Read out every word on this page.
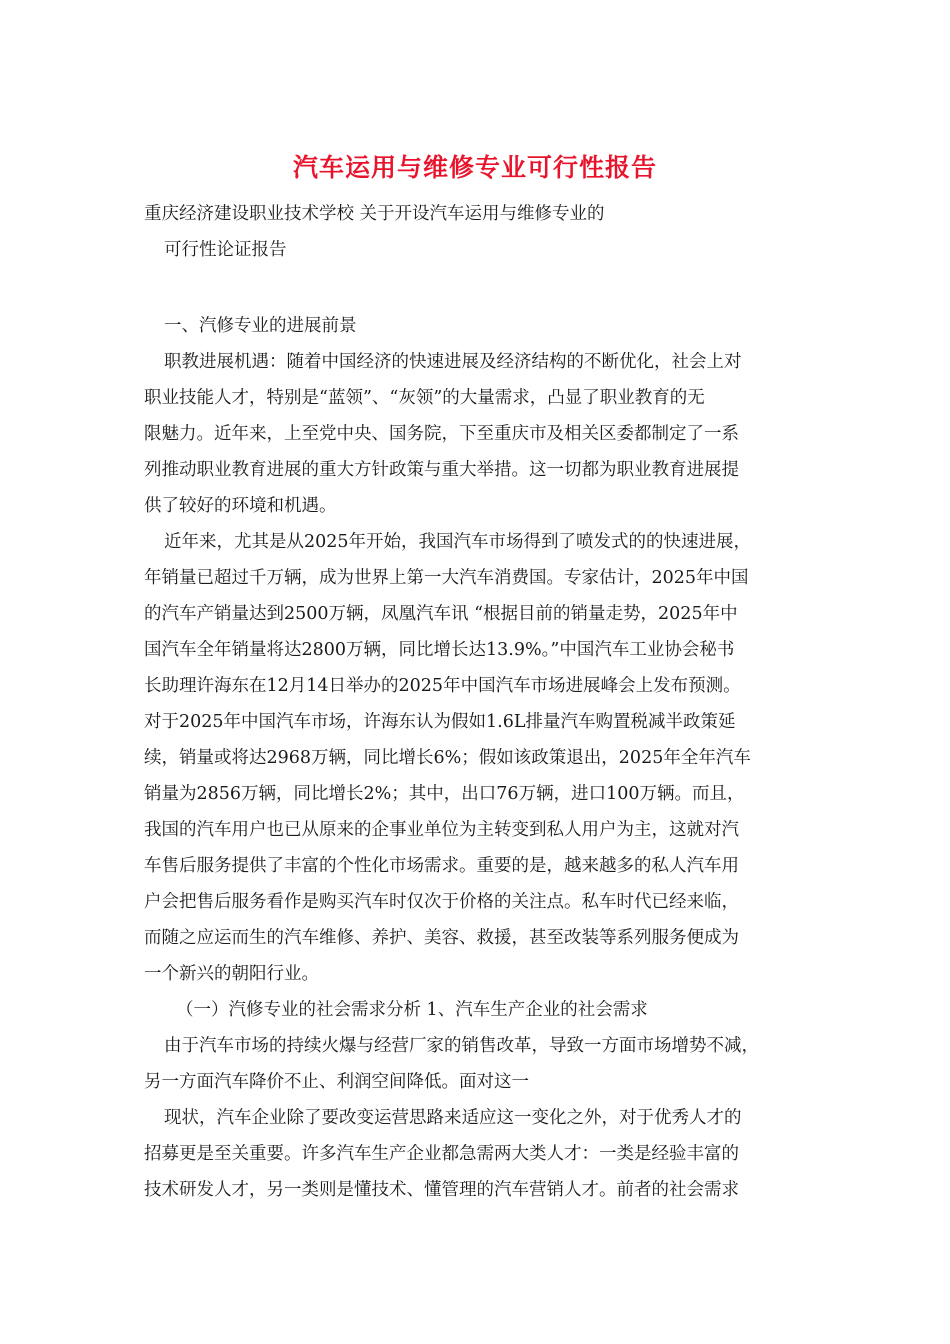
汽车运用与维修专业可行性报告
重庆经济建设职业技术学校 关于开设汽车运用与维修专业的
可行性论证报告
一、汽修专业的进展前景
职教进展机遇：随着中国经济的快速进展及经济结构的不断优化，社会上对
职业技能人才，特别是“蓝领”、“灰领”的大量需求，凸显了职业教育的无
限魅力。近年来，上至党中央、国务院，下至重庆市及相关区委都制定了一系
列推动职业教育进展的重大方针政策与重大举措。这一切都为职业教育进展提
供了较好的环境和机遇。
近年来，尤其是从2025年开始，我国汽车市场得到了喷发式的的快速进展，
年销量已超过千万辆，成为世界上第一大汽车消费国。专家估计，2025年中国
的汽车产销量达到2500万辆，凤凰汽车讯 “根据目前的销量走势，2025年中
国汽车全年销量将达2800万辆，同比增长达13.9%。”中国汽车工业协会秘书
长助理许海东在12月14日举办的2025年中国汽车市场进展峰会上发布预测。
对于2025年中国汽车市场，许海东认为假如1.6L排量汽车购置税减半政策延
续，销量或将达2968万辆，同比增长6%；假如该政策退出，2025年全年汽车
销量为2856万辆，同比增长2%；其中，出口76万辆，进口100万辆。而且，
我国的汽车用户也已从原来的企事业单位为主转变到私人用户为主，这就对汽
车售后服务提供了丰富的个性化市场需求。重要的是，越来越多的私人汽车用
户会把售后服务看作是购买汽车时仅次于价格的关注点。私车时代已经来临，
而随之应运而生的汽车维修、养护、美容、救援，甚至改装等系列服务便成为
一个新兴的朝阳行业。
（一）汽修专业的社会需求分析 1、汽车生产企业的社会需求
由于汽车市场的持续火爆与经营厂家的销售改革，导致一方面市场增势不减，
另一方面汽车降价不止、利润空间降低。面对这一
现状，汽车企业除了要改变运营思路来适应这一变化之外，对于优秀人才的
招募更是至关重要。许多汽车生产企业都急需两大类人才：一类是经验丰富的
技术研发人才，另一类则是懂技术、懂管理的汽车营销人才。前者的社会需求
